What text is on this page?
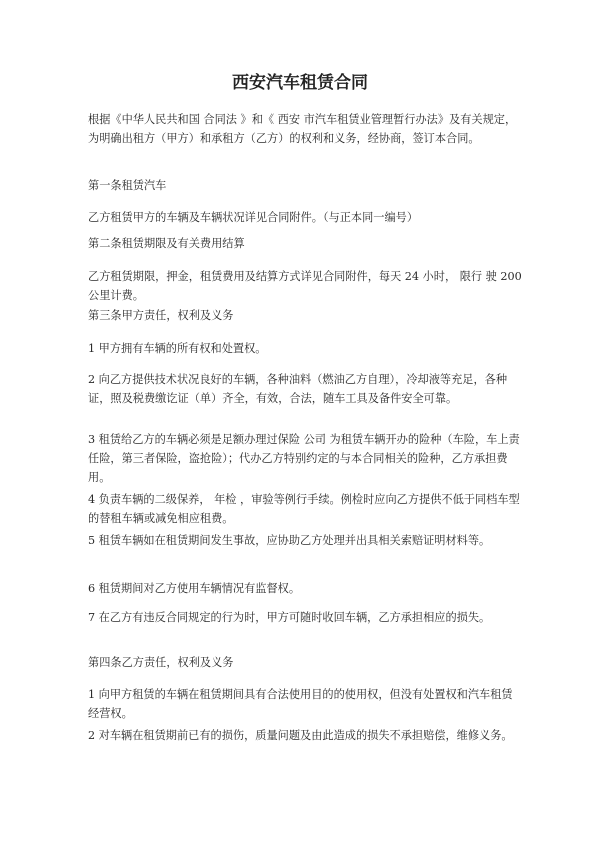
西安汽车租赁合同

根据《中华人民共和国 合同法 》和《 西安 市汽车租赁业管理暂行办法》及有关规定，为明确出租方（甲方）和承租方（乙方）的权利和义务，经协商，签订本合同。

第一条租赁汽车

乙方租赁甲方的车辆及车辆状况详见合同附件。（与正本同一编号）

第二条租赁期限及有关费用结算

乙方租赁期限，押金，租赁费用及结算方式详见合同附件，每天 24 小时， 限行 驶 200 公里计费。

第三条甲方责任，权利及义务

1 甲方拥有车辆的所有权和处置权。

2 向乙方提供技术状况良好的车辆，各种油料（燃油乙方自理），冷却液等充足，各种证，照及税费缴讫证（单）齐全，有效，合法，随车工具及备件安全可靠。

3 租赁给乙方的车辆必须是足额办理过保险 公司 为租赁车辆开办的险种（车险，车上责任险，第三者保险，盗抢险）；代办乙方特别约定的与本合同相关的险种，乙方承担费用。

4 负责车辆的二级保养， 年检 ，审验等例行手续。例检时应向乙方提供不低于同档车型的替租车辆或减免相应租费。

5 租赁车辆如在租赁期间发生事故，应协助乙方处理并出具相关索赔证明材料等。

6 租赁期间对乙方使用车辆情况有监督权。

7 在乙方有违反合同规定的行为时，甲方可随时收回车辆，乙方承担相应的损失。

第四条乙方责任，权利及义务

1 向甲方租赁的车辆在租赁期间具有合法使用目的的使用权，但没有处置权和汽车租赁经营权。

2 对车辆在租赁期前已有的损伤，质量问题及由此造成的损失不承担赔偿，维修义务。
